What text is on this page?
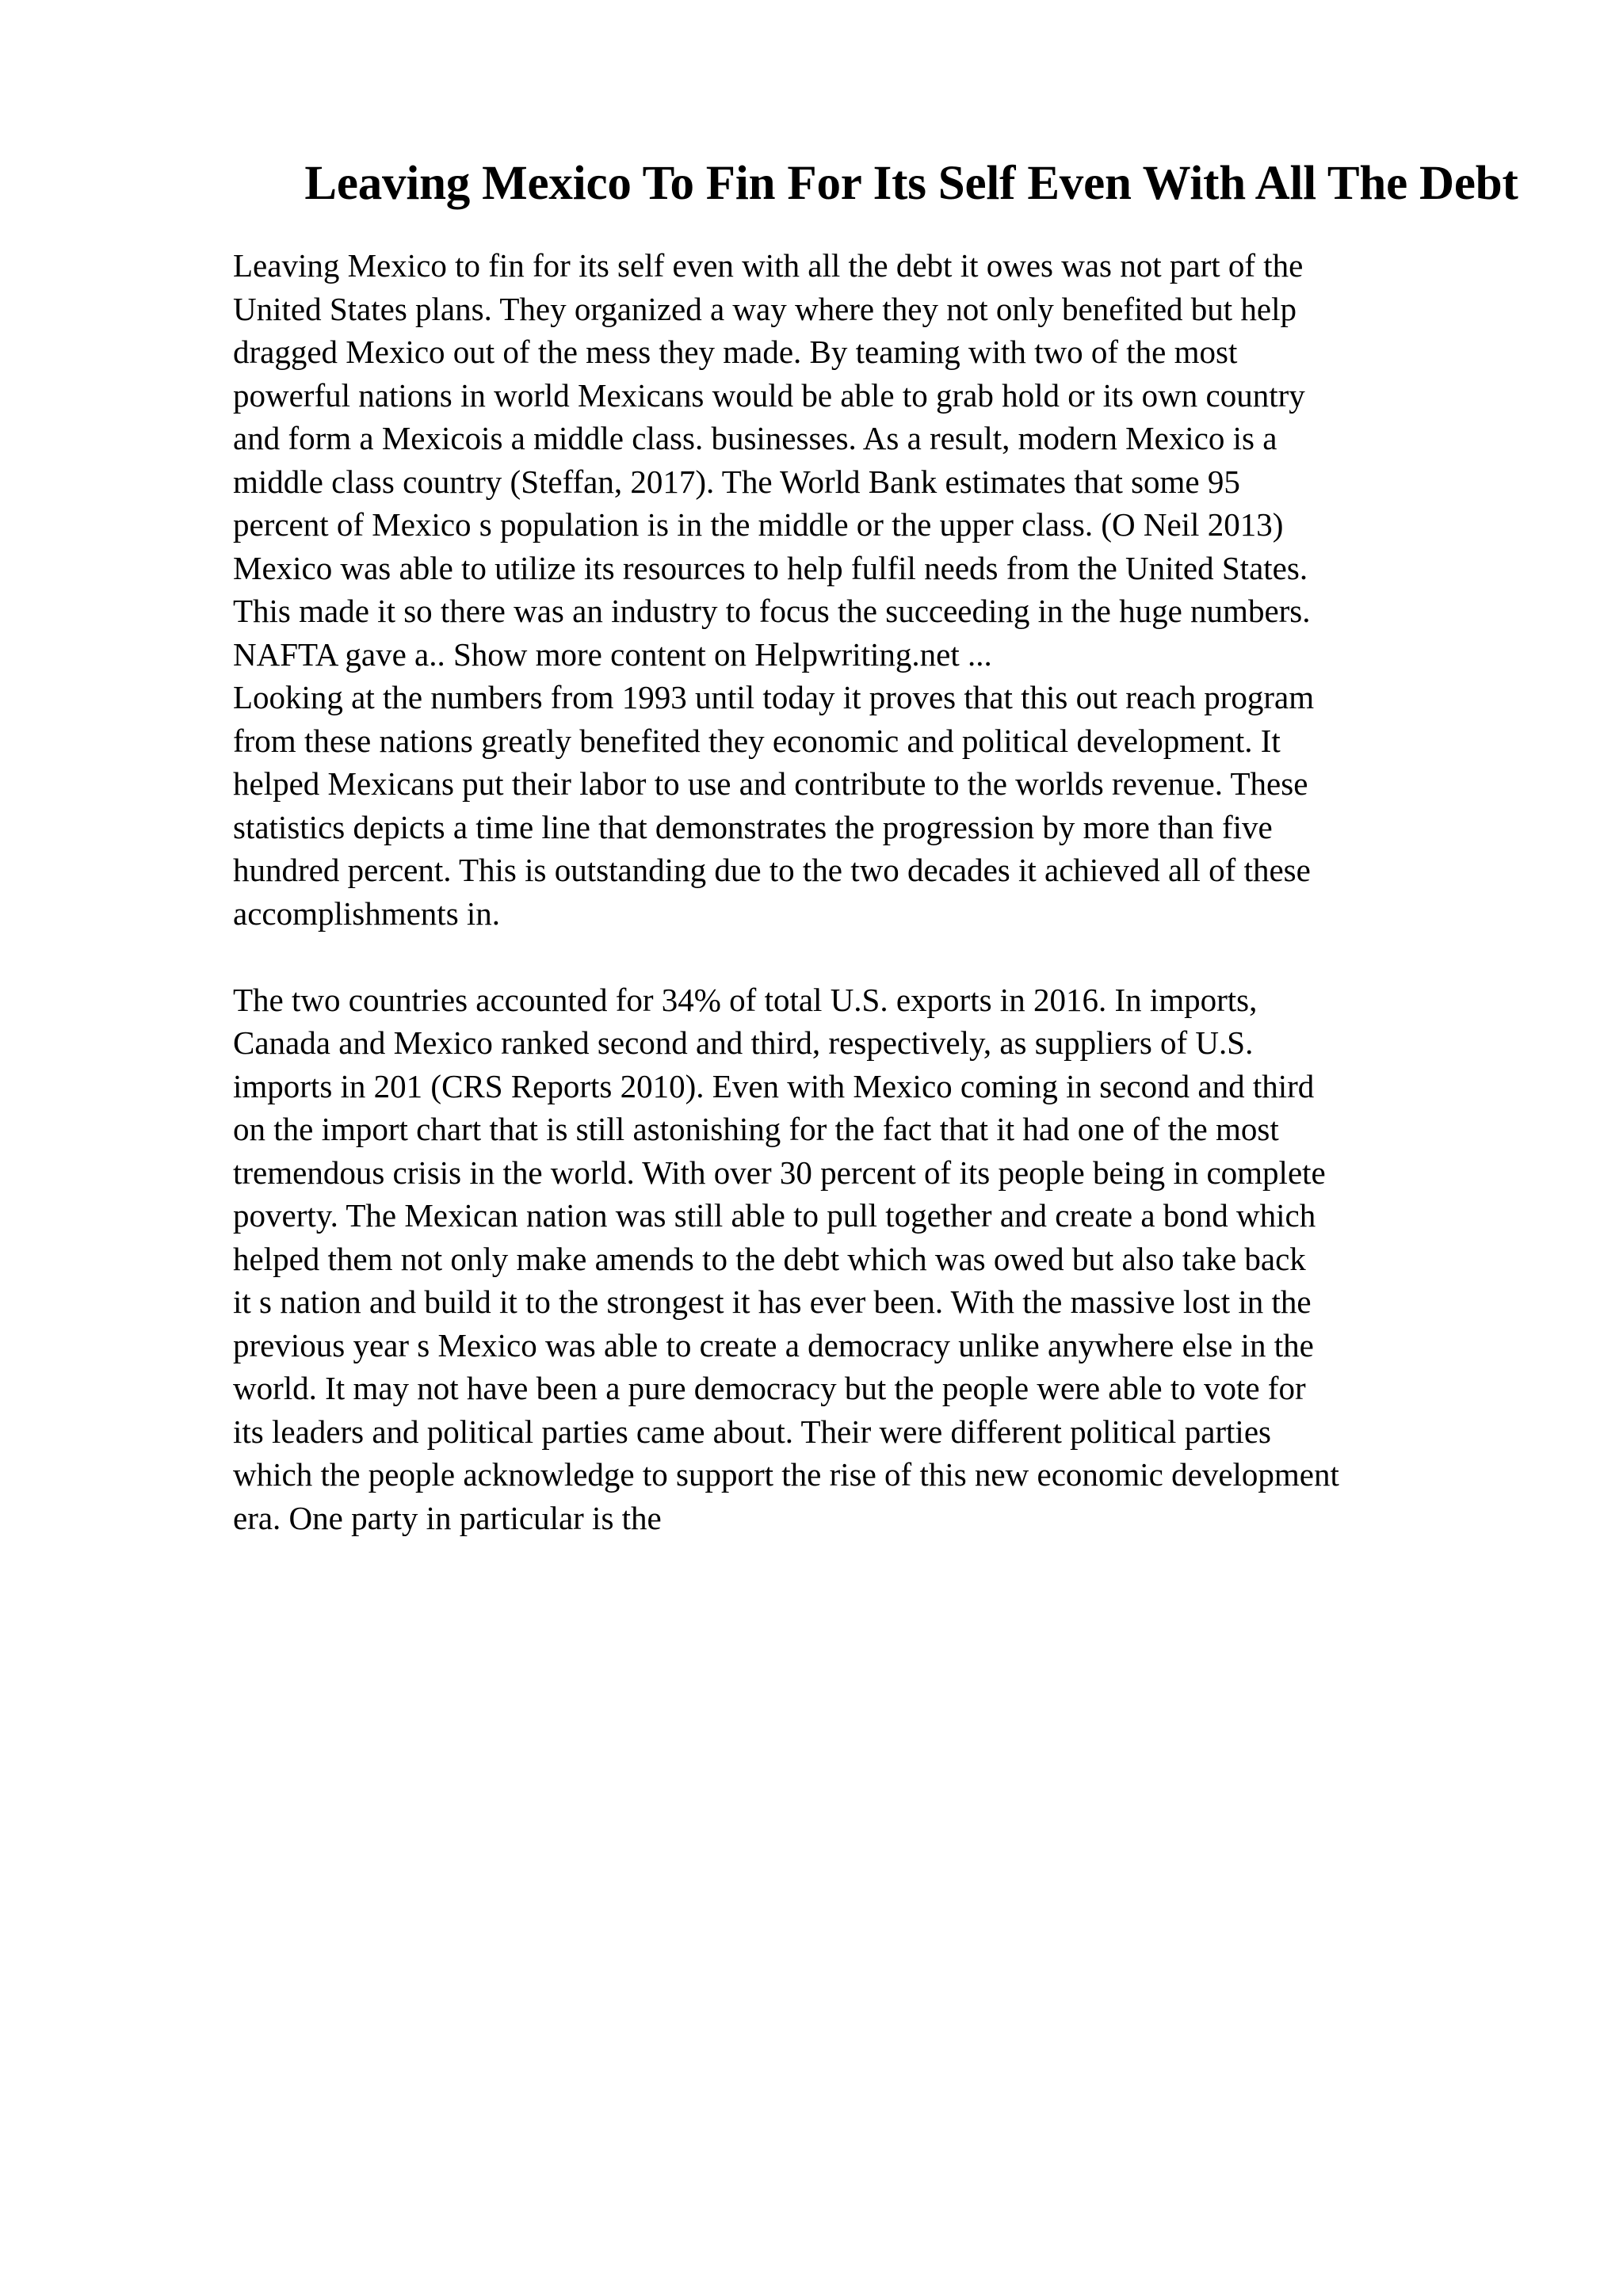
Leaving Mexico To Fin For Its Self Even With All The Debt
Leaving Mexico to fin for its self even with all the debt it owes was not part of the
United States plans. They organized a way where they not only benefited but help
dragged Mexico out of the mess they made. By teaming with two of the most
powerful nations in world Mexicans would be able to grab hold or its own country
and form a Mexicois a middle class. businesses. As a result, modern Mexico is a
middle class country (Steffan, 2017). The World Bank estimates that some 95
percent of Mexico s population is in the middle or the upper class. (O Neil 2013)
Mexico was able to utilize its resources to help fulfil needs from the United States.
This made it so there was an industry to focus the succeeding in the huge numbers.
NAFTA gave a.. Show more content on Helpwriting.net ...
Looking at the numbers from 1993 until today it proves that this out reach program
from these nations greatly benefited they economic and political development. It
helped Mexicans put their labor to use and contribute to the worlds revenue. These
statistics depicts a time line that demonstrates the progression by more than five
hundred percent. This is outstanding due to the two decades it achieved all of these
accomplishments in.
The two countries accounted for 34% of total U.S. exports in 2016. In imports,
Canada and Mexico ranked second and third, respectively, as suppliers of U.S.
imports in 201 (CRS Reports 2010). Even with Mexico coming in second and third
on the import chart that is still astonishing for the fact that it had one of the most
tremendous crisis in the world. With over 30 percent of its people being in complete
poverty. The Mexican nation was still able to pull together and create a bond which
helped them not only make amends to the debt which was owed but also take back
it s nation and build it to the strongest it has ever been. With the massive lost in the
previous year s Mexico was able to create a democracy unlike anywhere else in the
world. It may not have been a pure democracy but the people were able to vote for
its leaders and political parties came about. Their were different political parties
which the people acknowledge to support the rise of this new economic development
era. One party in particular is the
